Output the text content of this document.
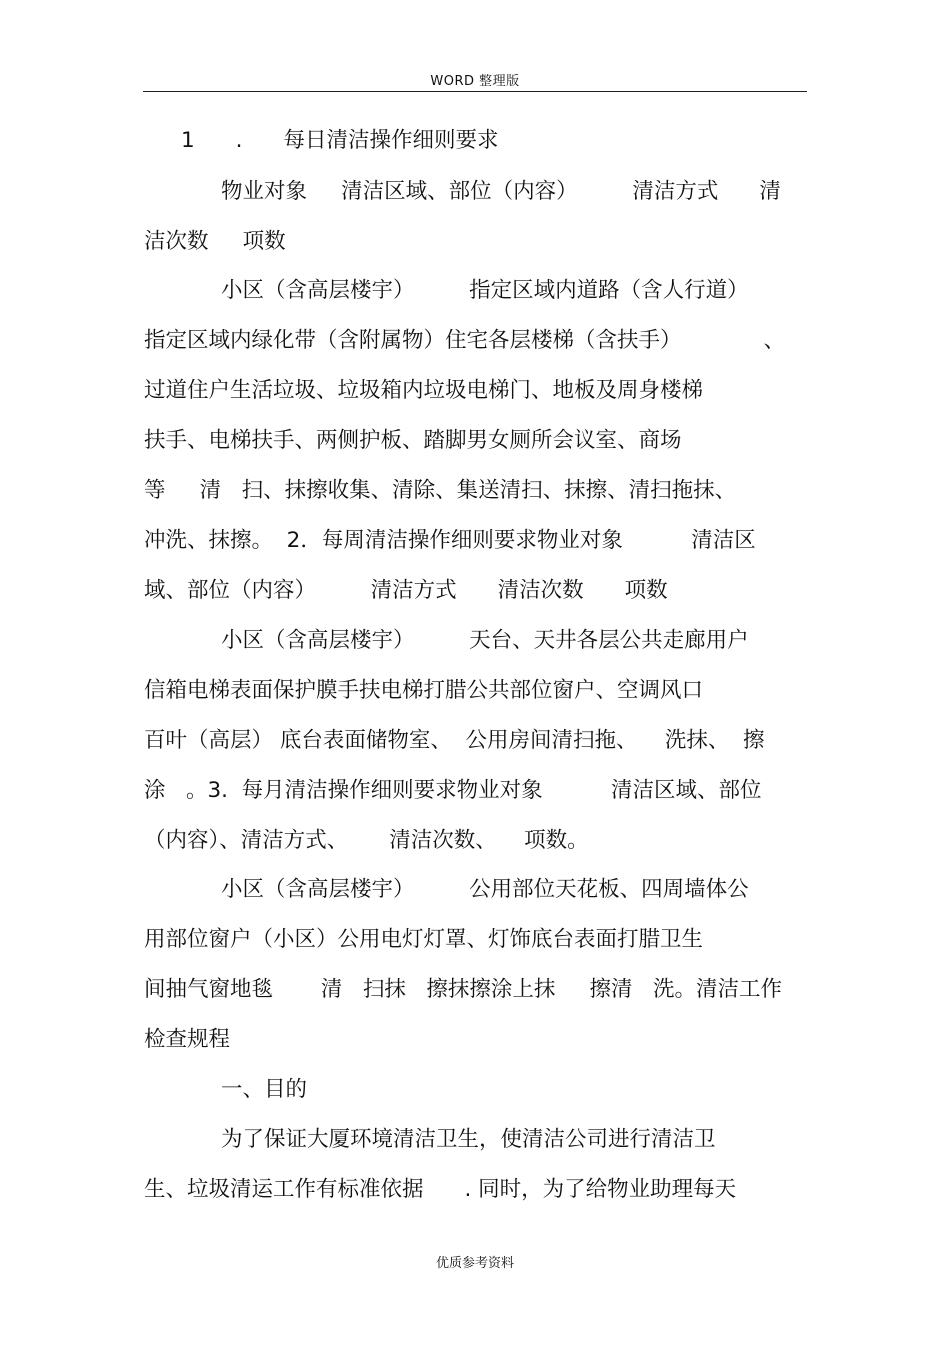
WORD 整理版
1      .      每日清洁操作细则要求
物业对象     清洁区域、部位（内容）        清洁方式      清
洁次数     项数
小区（含高层楼宇）        指定区域内道路（含人行道）
指定区域内绿化带（含附属物）住宅各层楼梯（含扶手）            、
过道住户生活垃圾、垃圾箱内垃圾电梯门、地板及周身楼梯
扶手、电梯扶手、两侧护板、踏脚男女厕所会议室、商场
等     清   扫、抹擦收集、清除、集送清扫、抹擦、清扫拖抹、
冲洗、抹擦。  2．每周清洁操作细则要求物业对象          清洁区
域、部位（内容）        清洁方式      清洁次数      项数
小区（含高层楼宇）        天台、天井各层公共走廊用户
信箱电梯表面保护膜手扶电梯打腊公共部位窗户、空调风口
百叶（高层） 底台表面储物室、  公用房间清扫拖、    洗抹、  擦
涂   。3.  每月清洁操作细则要求物业对象          清洁区域、部位
（内容）、清洁方式、      清洁次数、    项数。
小区（含高层楼宇）        公用部位天花板、四周墙体公
用部位窗户（小区）公用电灯灯罩、灯饰底台表面打腊卫生
间抽气窗地毯       清   扫抹   擦抹擦涂上抹     擦清   洗。清洁工作
检查规程
一、目的
为了保证大厦环境清洁卫生，使清洁公司进行清洁卫
生、垃圾清运工作有标准依据      . 同时，为了给物业助理每天
优质参考资料
